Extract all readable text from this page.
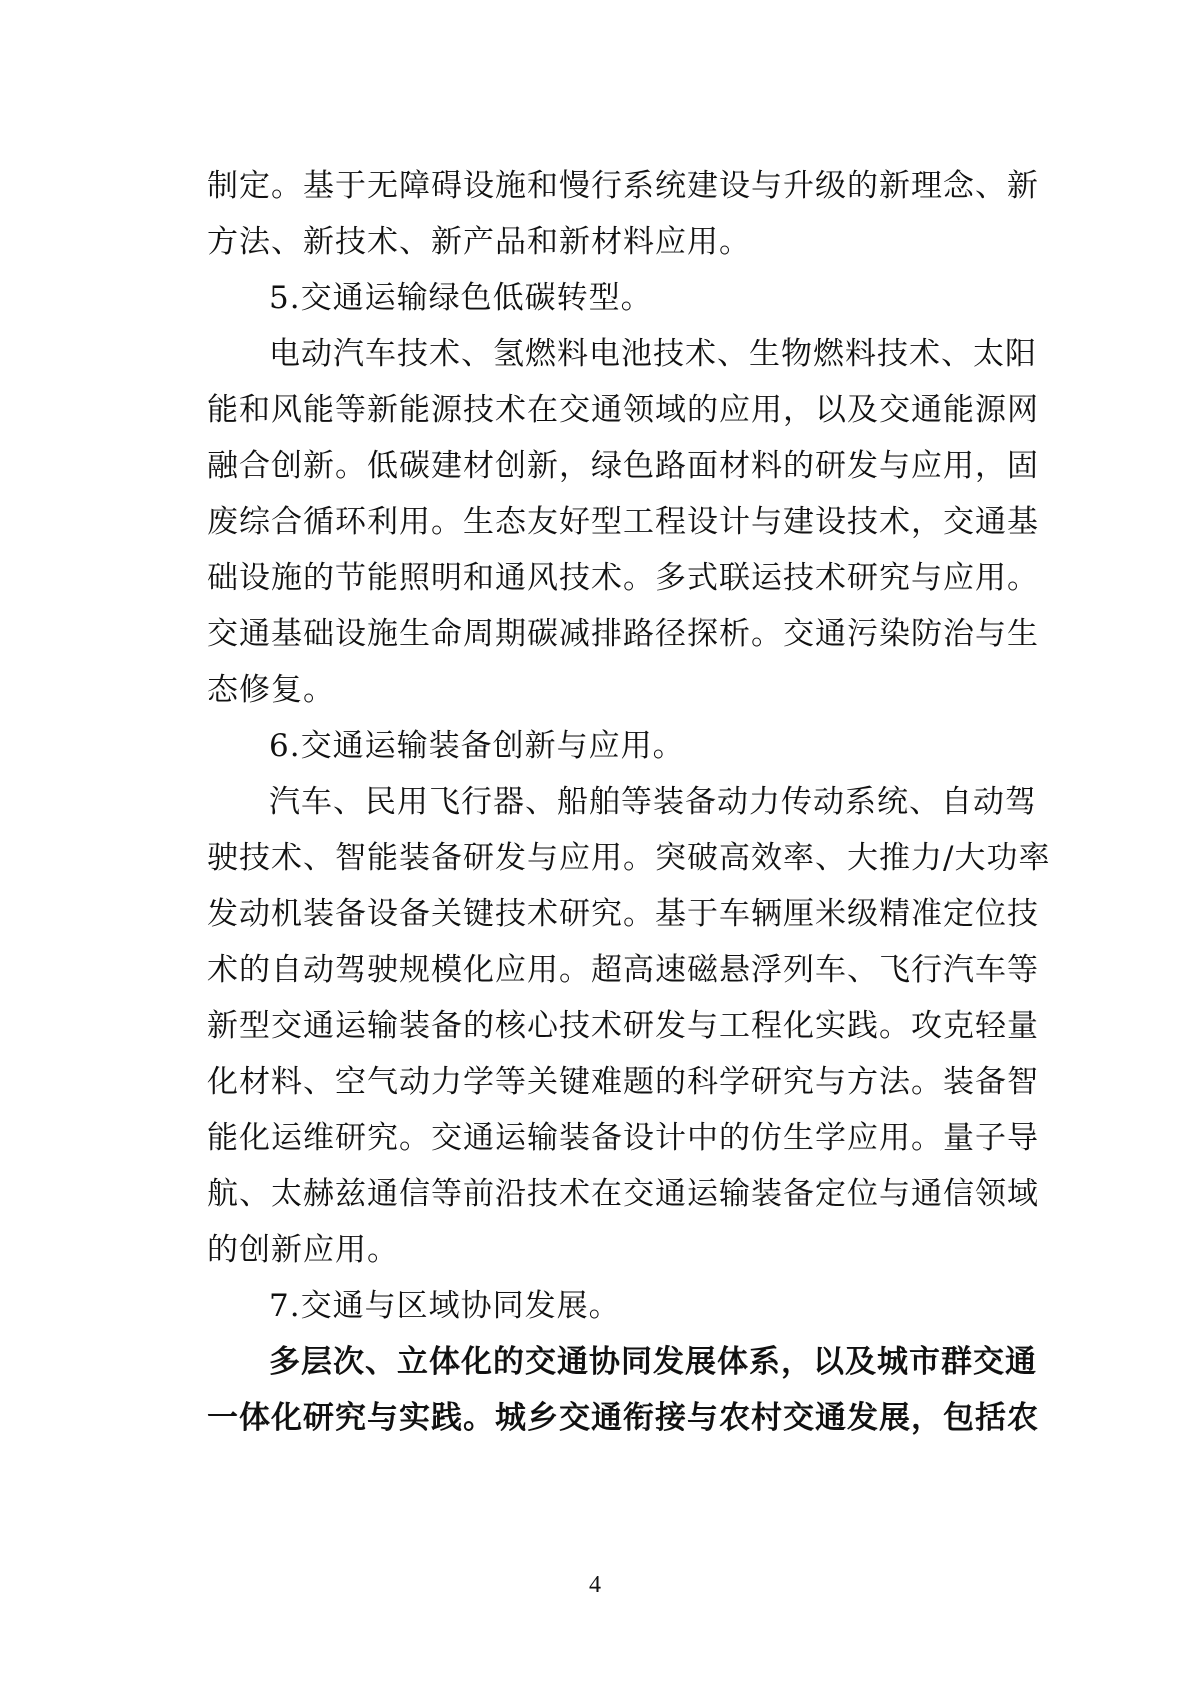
制定。基于无障碍设施和慢行系统建设与升级的新理念、新
方法、新技术、新产品和新材料应用。
5.交通运输绿色低碳转型。
电动汽车技术、氢燃料电池技术、生物燃料技术、太阳
能和风能等新能源技术在交通领域的应用，以及交通能源网
融合创新。低碳建材创新，绿色路面材料的研发与应用，固
废综合循环利用。生态友好型工程设计与建设技术，交通基
础设施的节能照明和通风技术。多式联运技术研究与应用。
交通基础设施生命周期碳减排路径探析。交通污染防治与生
态修复。
6.交通运输装备创新与应用。
汽车、民用飞行器、船舶等装备动力传动系统、自动驾
驶技术、智能装备研发与应用。突破高效率、大推力/大功率
发动机装备设备关键技术研究。基于车辆厘米级精准定位技
术的自动驾驶规模化应用。超高速磁悬浮列车、飞行汽车等
新型交通运输装备的核心技术研发与工程化实践。攻克轻量
化材料、空气动力学等关键难题的科学研究与方法。装备智
能化运维研究。交通运输装备设计中的仿生学应用。量子导
航、太赫兹通信等前沿技术在交通运输装备定位与通信领域
的创新应用。
7.交通与区域协同发展。
多层次、立体化的交通协同发展体系，以及城市群交通
一体化研究与实践。城乡交通衔接与农村交通发展，包括农
4
